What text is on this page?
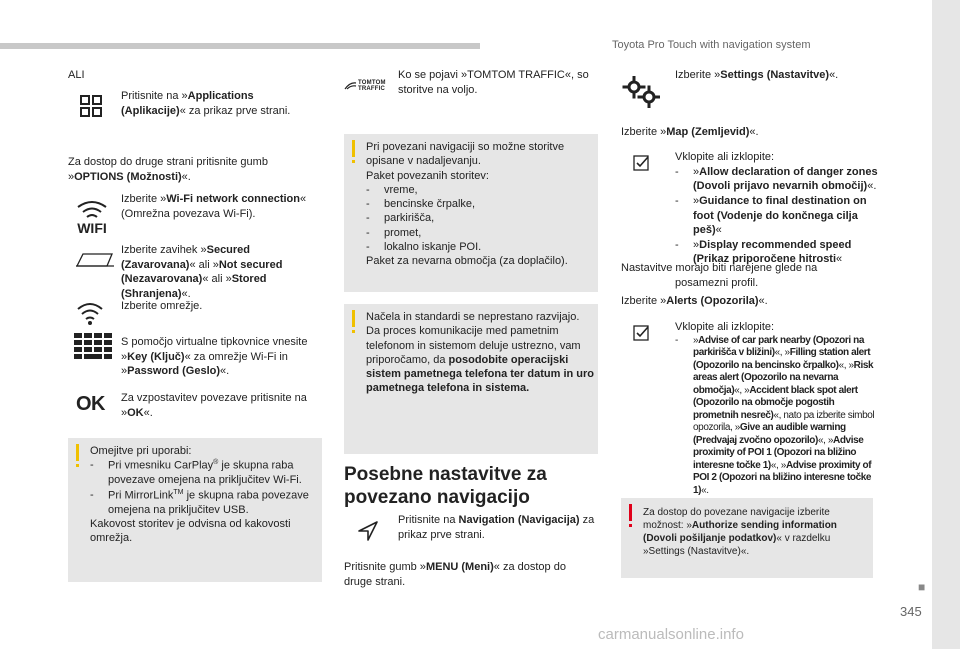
Toyota Pro Touch with navigation system
■
345
carmanualsonline.info
ALI
Pritisnite na »Applications (Aplikacije)« za prikaz prve strani.
Za dostop do druge strani pritisnite gumb »OPTIONS (Možnosti)«.
WIFI
Izberite »Wi-Fi network connection« (Omrežna povezava Wi-Fi).
Izberite zavihek »Secured (Zavarovana)« ali »Not secured (Nezavarovana)« ali »Stored (Shranjena)«.
Izberite omrežje.
S pomočjo virtualne tipkovnice vnesite »Key (Ključ)« za omrežje Wi-Fi in »Password (Geslo)«.
OK Za vzpostavitev povezave pritisnite na »OK«.
Omejitve pri uporabi:
- Pri vmesniku CarPlay® je skupna raba povezave omejena na priključitev Wi-Fi.
- Pri MirrorLink™ je skupna raba povezave omejena na priključitev USB.
Kakovost storitev je odvisna od kakovosti omrežja.
TOMTOM TRAFFIC
Ko se pojavi »TOMTOM TRAFFIC«, so storitve na voljo.
Pri povezani navigaciji so možne storitve opisane v nadaljevanju.
Paket povezanih storitev:
- vreme,
- bencinske črpalke,
- parkirišča,
- promet,
- lokalno iskanje POI.
Paket za nevarna območja (za doplačilo).
Načela in standardi se neprestano razvijajo. Da proces komunikacije med pametnim telefonom in sistemom deluje ustrezno, vam priporočamo, da posodobite operacijski sistem pametnega telefona ter datum in uro pametnega telefona in sistema.
Posebne nastavitve za povezano navigacijo
Pritisnite na Navigation (Navigacija) za prikaz prve strani.
Pritisnite gumb »MENU (Meni)« za dostop do druge strani.
Izberite »Settings (Nastavitve)«.
Izberite »Map (Zemljevid)«.
Vklopite ali izklopite:
- »Allow declaration of danger zones (Dovoli prijavo nevarnih območij)«.
- »Guidance to final destination on foot (Vodenje do končnega cilja peš)«
- »Display recommended speed (Prikaz priporočene hitrosti«
Nastavitve morajo biti narejene glede na posamezni profil.
Izberite »Alerts (Opozorila)«.
Vklopite ali izklopite:
- »Advise of car park nearby (Opozori na parkirišča v bližini)«, »Filling station alert (Opozorilo na bencinsko črpalko)«, »Risk areas alert (Opozorilo na nevarna območja)«, »Accident black spot alert (Opozorilo na območje pogostih prometnih nesreč)«, nato pa izberite simbol opozorila, »Give an audible warning (Predvajaj zvočno opozorilo)«, »Advise proximity of POI 1 (Opozori na bližino interesne točke 1)«, »Advise proximity of POI 2 (Opozori na bližino interesne točke 1)«.
Za dostop do povezane navigacije izberite možnost: »Authorize sending information (Dovoli pošiljanje podatkov)« v razdelku »Settings (Nastavitve)«.
